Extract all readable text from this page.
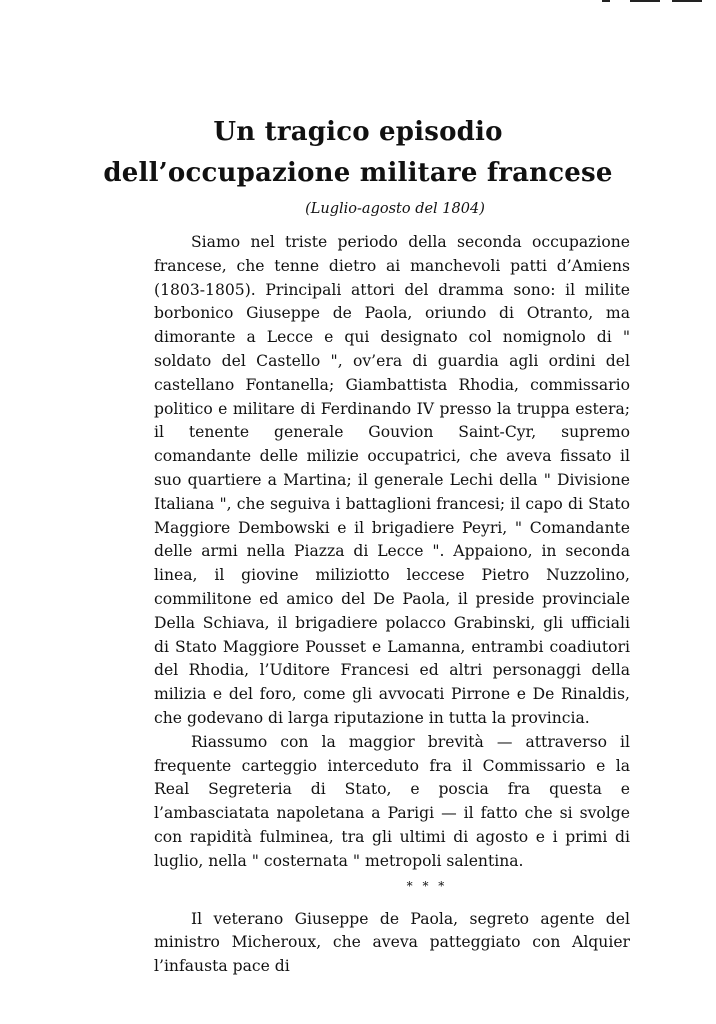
Un tragico episodio
dell’occupazione militare francese
(Luglio-agosto del 1804)

Siamo nel triste periodo della seconda occupazione francese, che tenne dietro ai manchevoli patti d’Amiens (1803-1805). Principali attori del dramma sono: il milite borbonico Giuseppe de Paola, oriundo di Otranto, ma dimorante a Lecce e qui designato col nomignolo di " soldato del Castello ", ov’era di guardia agli ordini del castellano Fontanella; Giambattista Rhodia, commissario politico e militare di Ferdinando IV presso la truppa estera; il tenente generale Gouvion Saint-Cyr, supremo comandante delle milizie occupatrici, che aveva fissato il suo quartiere a Martina; il generale Lechi della " Divisione Italiana ", che seguiva i battaglioni francesi; il capo di Stato Maggiore Dembowski e il brigadiere Peyri, " Comandante delle armi nella Piazza di Lecce ". Appaiono, in seconda linea, il giovine miliziotto leccese Pietro Nuzzolino, commilitone ed amico del De Paola, il preside provinciale Della Schiava, il brigadiere polacco Grabinski, gli ufficiali di Stato Maggiore Pousset e Lamanna, entrambi coadiutori del Rhodia, l’Uditore Francesi ed altri personaggi della milizia e del foro, come gli avvocati Pirrone e De Rinaldis, che godevano di larga riputazione in tutta la provincia.

Riassumo con la maggior brevità — attraverso il frequente carteggio interceduto fra il Commissario e la Real Segreteria di Stato, e poscia fra questa e l’ambasciatata napoletana a Parigi — il fatto che si svolge con rapidità fulminea, tra gli ultimi di agosto e i primi di luglio, nella " costernata " metropoli salentina.

* * *

Il veterano Giuseppe de Paola, segreto agente del ministro Micheroux, che aveva patteggiato con Alquier l’infausta pace di
